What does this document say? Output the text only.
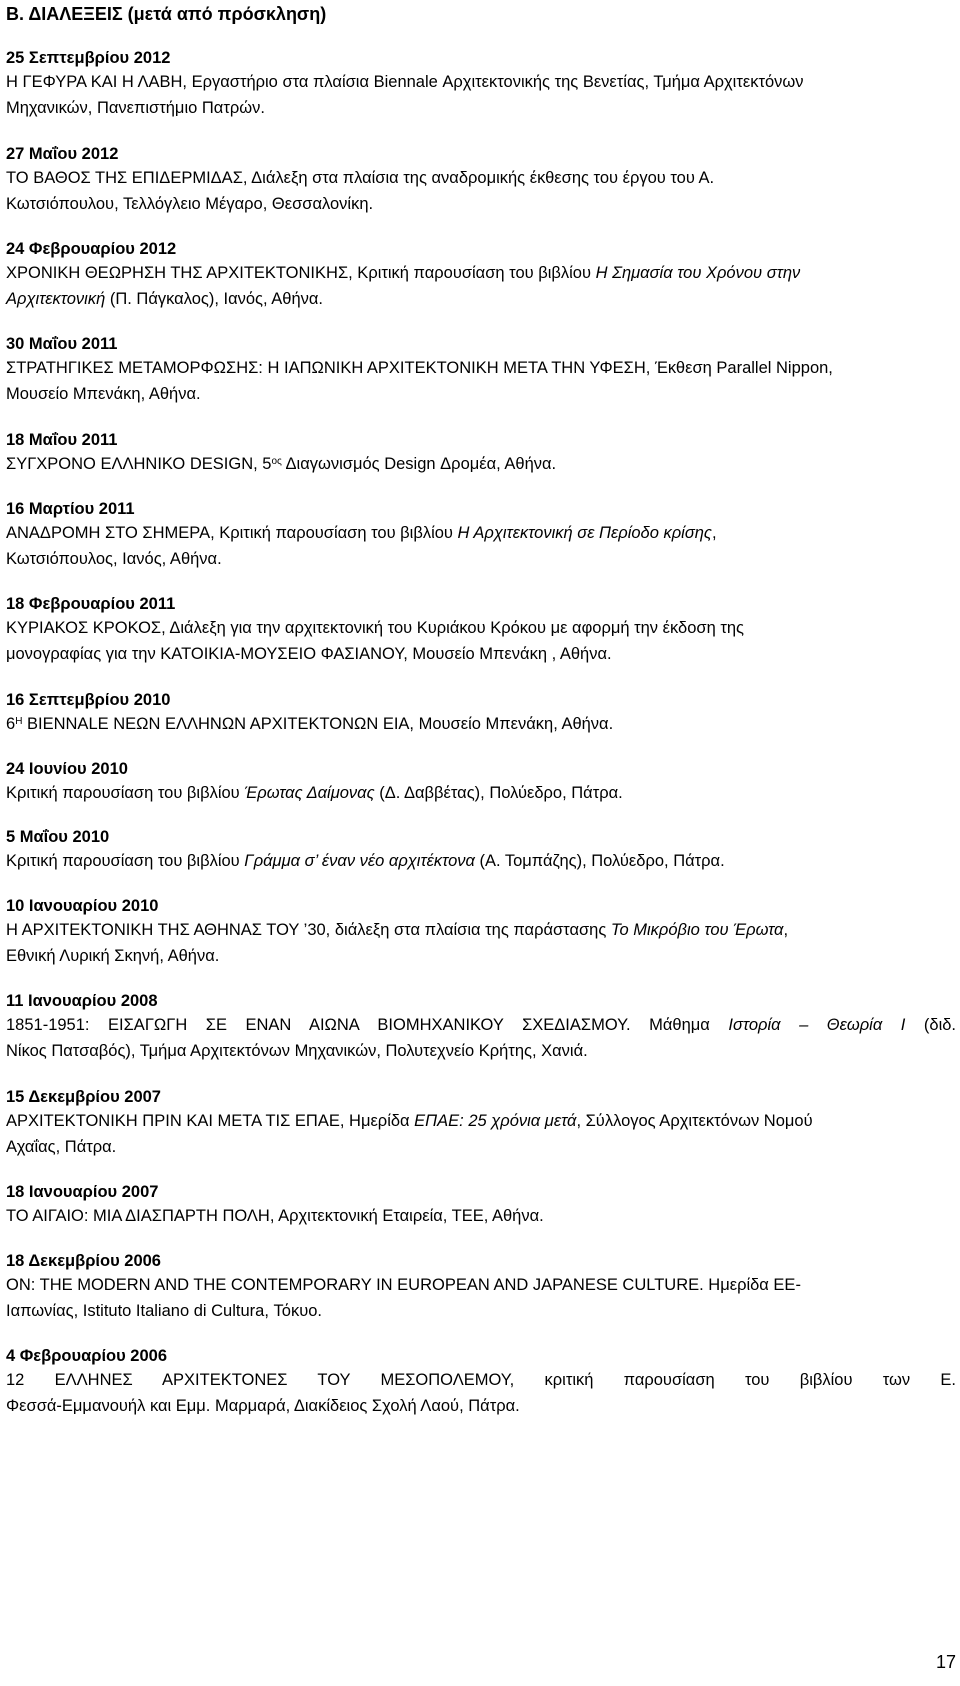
Β. ΔΙΑΛΕΞΕΙΣ (μετά από πρόσκληση)
25 Σεπτεμβρίου 2012
Η ΓΕΦΥΡΑ ΚΑΙ Η ΛΑΒΗ, Εργαστήριο στα πλαίσια Biennale Αρχιτεκτονικής της Βενετίας, Τμήμα Αρχιτεκτόνων
Μηχανικών, Πανεπιστήμιο Πατρών.
27 Μαΐου 2012
ΤΟ ΒΑΘΟΣ ΤΗΣ ΕΠΙΔΕΡΜΙΔΑΣ, Διάλεξη στα πλαίσια της αναδρομικής έκθεσης του έργου του Α.
Κωτσιόπουλου, Τελλόγλειο Μέγαρο, Θεσσαλονίκη.
24 Φεβρουαρίου 2012
ΧΡΟΝΙΚΗ ΘΕΩΡΗΣΗ ΤΗΣ ΑΡΧΙΤΕΚΤΟΝΙΚΗΣ, Κριτική παρουσίαση του βιβλίου Η Σημασία του Χρόνου στην
Αρχιτεκτονική (Π. Πάγκαλος), Ιανός, Αθήνα.
30 Μαΐου 2011
ΣΤΡΑΤΗΓΙΚΕΣ ΜΕΤΑΜΟΡΦΩΣΗΣ: Η ΙΑΠΩΝΙΚΗ ΑΡΧΙΤΕΚΤΟΝΙΚΗ ΜΕΤΑ ΤΗΝ ΥΦΕΣΗ, Έκθεση Parallel Nippon,
Μουσείο Μπενάκη, Αθήνα.
18 Μαΐου 2011
ΣΥΓΧΡΟΝΟ ΕΛΛΗΝΙΚΟ DESIGN, $5^{o\varsigma}$ Διαγωνισμός Design Δρομέα, Αθήνα.
16 Μαρτίου 2011
ΑΝΑΔΡΟΜΗ ΣΤΟ ΣΗΜΕΡΑ, Κριτική παρουσίαση του βιβλίου Η Αρχιτεκτονική σε Περίοδο κρίσης,
Κωτσιόπουλος, Ιανός, Αθήνα.
18 Φεβρουαρίου 2011
ΚΥΡΙΑΚΟΣ ΚΡΟΚΟΣ, Διάλεξη για την αρχιτεκτονική του Κυριάκου Κρόκου με αφορμή την έκδοση της
μονογραφίας για την ΚΑΤΟΙΚΙΑ-ΜΟΥΣΕΙΟ ΦΑΣΙΑΝΟΥ, Μουσείο Μπενάκη , Αθήνα.
16 Σεπτεμβρίου 2010
$6^H$ BIENNALE ΝΕΩΝ ΕΛΛΗΝΩΝ ΑΡΧΙΤΕΚΤΟΝΩΝ ΕΙΑ, Μουσείο Μπενάκη, Αθήνα.
24 Ιουνίου 2010
Κριτική παρουσίαση του βιβλίου Έρωτας Δαίμονας (Δ. Δαββέτας), Πολύεδρο, Πάτρα.
5 Μαΐου 2010
Κριτική παρουσίαση του βιβλίου Γράμμα σ’ έναν νέο αρχιτέκτονα (Α. Τομπάζης), Πολύεδρο, Πάτρα.
10 Ιανουαρίου 2010
Η ΑΡΧΙΤΕΚΤΟΝΙΚΗ ΤΗΣ ΑΘΗΝΑΣ ΤΟΥ ’30, διάλεξη στα πλαίσια της παράστασης Το Μικρόβιο του Έρωτα,
Εθνική Λυρική Σκηνή, Αθήνα.
11 Ιανουαρίου 2008
1851-1951: ΕΙΣΑΓΩΓΗ ΣΕ ΕΝΑΝ ΑΙΩΝΑ ΒΙΟΜΗΧΑΝΙΚΟΥ ΣΧΕΔΙΑΣΜΟΥ. Μάθημα Ιστορία – Θεωρία Ι (διδ.
Νίκος Πατσαβός), Τμήμα Αρχιτεκτόνων Μηχανικών, Πολυτεχνείο Κρήτης, Χανιά.
15 Δεκεμβρίου 2007
ΑΡΧΙΤΕΚΤΟΝΙΚΗ ΠΡΙΝ ΚΑΙ ΜΕΤΑ ΤΙΣ ΕΠΑΕ, Ημερίδα ΕΠΑΕ: 25 χρόνια μετά, Σύλλογος Αρχιτεκτόνων Νομού
Αχαΐας, Πάτρα.
18 Ιανουαρίου 2007
ΤΟ ΑΙΓΑΙΟ: ΜΙΑ ΔΙΑΣΠΑΡΤΗ ΠΟΛΗ, Αρχιτεκτονική Εταιρεία, ΤΕΕ, Αθήνα.
18 Δεκεμβρίου 2006
ON: THE MODERN AND THE CONTEMPORARY IN EUROPEAN AND JAPANESE CULTURE. Ημερίδα ΕΕ-
Ιαπωνίας, Istituto Italiano di Cultura, Τόκυο.
4 Φεβρουαρίου 2006
12 ΕΛΛΗΝΕΣ ΑΡΧΙΤΕΚΤΟΝΕΣ ΤΟΥ ΜΕΣΟΠΟΛΕΜΟΥ, κριτική παρουσίαση του βιβλίου των Ε.
Φεσσά-Εμμανουήλ και Εμμ. Μαρμαρά, Διακίδειος Σχολή Λαού, Πάτρα.
17
